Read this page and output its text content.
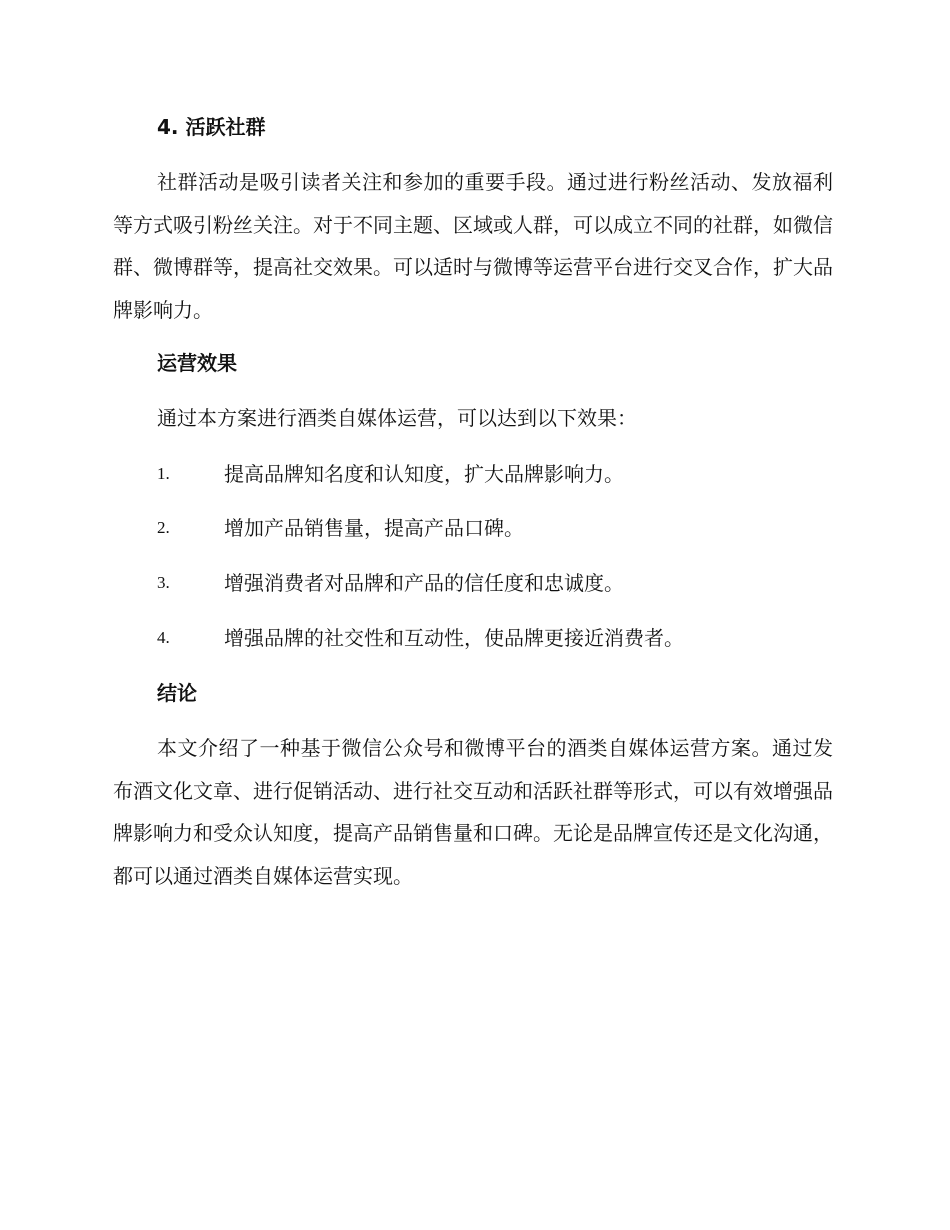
4. 活跃社群

社群活动是吸引读者关注和参加的重要手段。通过进行粉丝活动、发放福利等方式吸引粉丝关注。对于不同主题、区域或人群，可以成立不同的社群，如微信群、微博群等，提高社交效果。可以适时与微博等运营平台进行交叉合作，扩大品牌影响力。

运营效果

通过本方案进行酒类自媒体运营，可以达到以下效果：

1.	提高品牌知名度和认知度，扩大品牌影响力。
2.	增加产品销售量，提高产品口碑。
3.	增强消费者对品牌和产品的信任度和忠诚度。
4.	增强品牌的社交性和互动性，使品牌更接近消费者。
结论

本文介绍了一种基于微信公众号和微博平台的酒类自媒体运营方案。通过发布酒文化文章、进行促销活动、进行社交互动和活跃社群等形式，可以有效增强品牌影响力和受众认知度，提高产品销售量和口碑。无论是品牌宣传还是文化沟通，都可以通过酒类自媒体运营实现。
